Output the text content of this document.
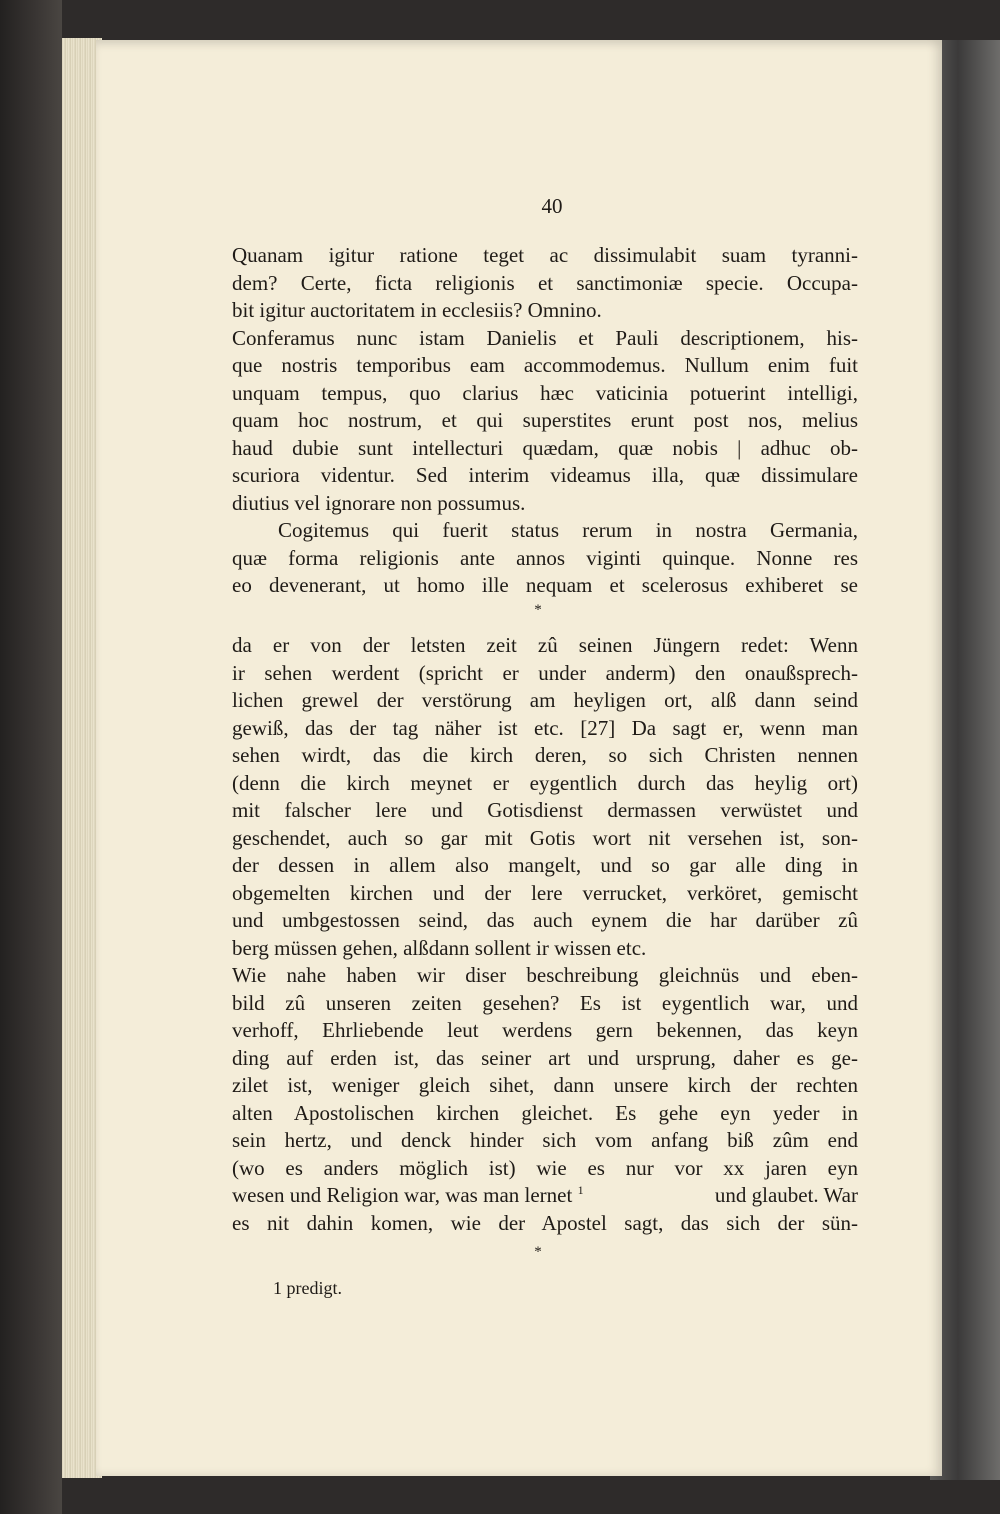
40
Quanam igitur ratione teget ac dissimulabit suam tyranni-
dem? Certe, ficta religionis et sanctimoniæ specie. Occupa-
bit igitur auctoritatem in ecclesiis? Omnino.
Conferamus nunc istam Danielis et Pauli descriptionem, his-
que nostris temporibus eam accommodemus. Nullum enim fuit
unquam tempus, quo clarius hæc vaticinia potuerint intelligi,
quam hoc nostrum, et qui superstites erunt post nos, melius
haud dubie sunt intellecturi quædam, quæ nobis | adhuc ob-
scuriora videntur. Sed interim videamus illa, quæ dissimulare
diutius vel ignorare non possumus.
Cogitemus qui fuerit status rerum in nostra Germania,
quæ forma religionis ante annos viginti quinque. Nonne res
eo devenerant, ut homo ille nequam et scelerosus exhiberet se
*
da er von der letsten zeit zû seinen Jüngern redet: Wenn
ir sehen werdent (spricht er under anderm) den onaußsprech-
lichen grewel der verstörung am heyligen ort, alß dann seind
gewiß, das der tag näher ist etc. [27] Da sagt er, wenn man
sehen wirdt, das die kirch deren, so sich Christen nennen
(denn die kirch meynet er eygentlich durch das heylig ort)
mit falscher lere und Gotisdienst dermassen verwüstet und
geschendet, auch so gar mit Gotis wort nit versehen ist, son-
der dessen in allem also mangelt, und so gar alle ding in
obgemelten kirchen und der lere verrucket, verköret, gemischt
und umbgestossen seind, das auch eynem die har darüber zû
berg müssen gehen, alßdann sollent ir wissen etc.
Wie nahe haben wir diser beschreibung gleichnüs und eben-
bild zû unseren zeiten gesehen? Es ist eygentlich war, und
verhoff, Ehrliebende leut werdens gern bekennen, das keyn
ding auf erden ist, das seiner art und ursprung, daher es ge-
zilet ist, weniger gleich sihet, dann unsere kirch der rechten
alten Apostolischen kirchen gleichet. Es gehe eyn yeder in
sein hertz, und denck hinder sich vom anfang biß zûm end
(wo es anders möglich ist) wie es nur vor xx jaren eyn
wesen und Religion war, was man lernet $^1$	und glaubet. War
es nit dahin komen, wie der Apostel sagt, das sich der sün-
*
1 predigt.
